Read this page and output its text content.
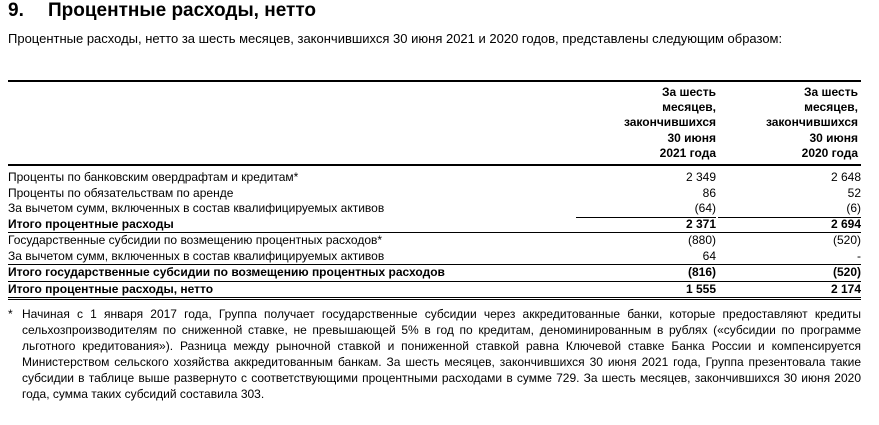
9. Процентные расходы, нетто
Процентные расходы, нетто за шесть месяцев, закончившихся 30 июня 2021 и 2020 годов, представлены следующим образом:
За шесть
месяцев,
закончившихся
30 июня
2021 года
За шесть
месяцев,
закончившихся
30 июня
2020 года
Проценты по банковским овердрафтам и кредитам*	2 349	2 648
Проценты по обязательствам по аренде	86	52
За вычетом сумм, включенных в состав квалифицируемых активов	(64)	(6)
Итого процентные расходы	2 371	2 694
Государственные субсидии по возмещению процентных расходов*	(880)	(520)
За вычетом сумм, включенных в состав квалифицируемых активов	64	-
Итого государственные субсидии по возмещению процентных расходов	(816)	(520)
Итого процентные расходы, нетто	1 555	2 174
* Начиная с 1 января 2017 года, Группа получает государственные субсидии через аккредитованные банки, которые предоставляют кредиты сельхозпроизводителям по сниженной ставке, не превышающей 5% в год по кредитам, деноминированным в рублях («субсидии по программе льготного кредитования»). Разница между рыночной ставкой и пониженной ставкой равна Ключевой ставке Банка России и компенсируется Министерством сельского хозяйства аккредитованным банкам. За шесть месяцев, закончившихся 30 июня 2021 года, Группа презентовала такие субсидии в таблице выше развернуто с соответствующими процентными расходами в сумме 729. За шесть месяцев, закончившихся 30 июня 2020 года, сумма таких субсидий составила 303.
